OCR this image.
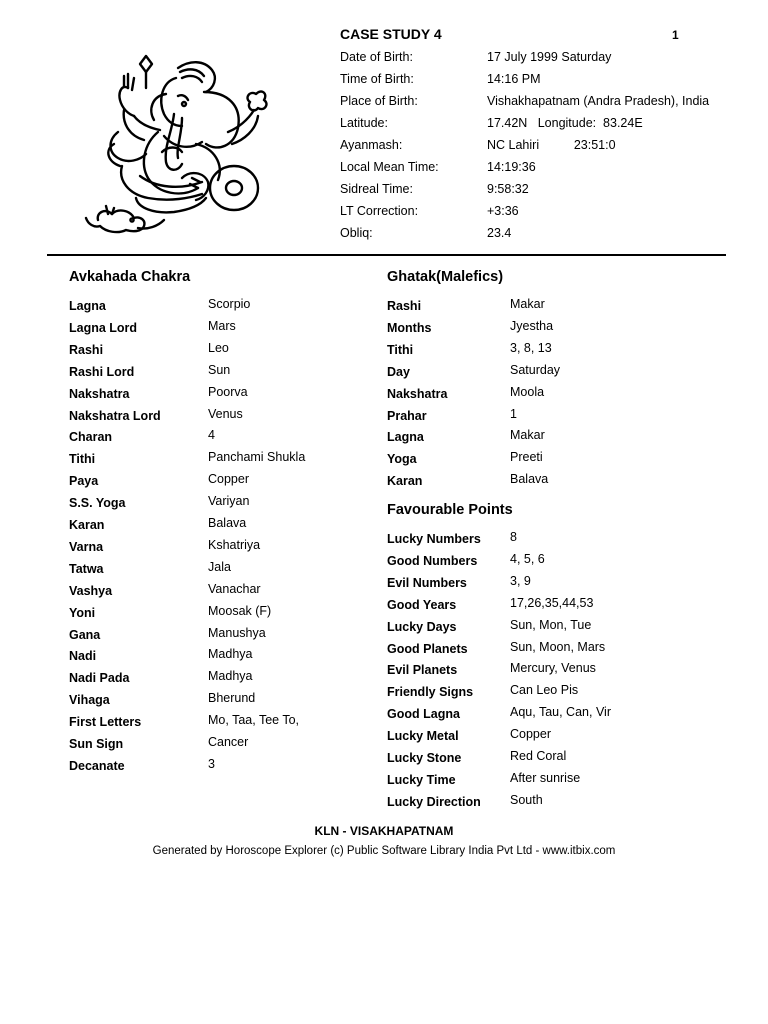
CASE STUDY 4	1
Date of Birth:	17 July 1999 Saturday
Time of Birth:	14:16 PM
Place of Birth:	Vishakhapatnam (Andra Pradesh), India
Latitude:	17.42N   Longitude:  83.24E
Ayanmash:	NC Lahiri          23:51:0
Local Mean Time:	14:19:36
Sidreal Time:	9:58:32
LT Correction:	+3:36
Obliq:	23.4
Avkahada Chakra
Lagna	Scorpio
Lagna Lord	Mars
Rashi	Leo
Rashi Lord	Sun
Nakshatra	Poorva
Nakshatra Lord	Venus
Charan	4
Tithi	Panchami Shukla
Paya	Copper
S.S. Yoga	Variyan
Karan	Balava
Varna	Kshatriya
Tatwa	Jala
Vashya	Vanachar
Yoni	Moosak (F)
Gana	Manushya
Nadi	Madhya
Nadi Pada	Madhya
Vihaga	Bherund
First Letters	Mo, Taa, Tee To,
Sun Sign	Cancer
Decanate	3
Ghatak(Malefics)
Rashi	Makar
Months	Jyestha
Tithi	3, 8, 13
Day	Saturday
Nakshatra	Moola
Prahar	1
Lagna	Makar
Yoga	Preeti
Karan	Balava
Favourable Points
Lucky Numbers 8
Good Numbers	4, 5, 6
Evil Numbers	3, 9
Good Years	17,26,35,44,53
Lucky Days	Sun, Mon, Tue
Good Planets	Sun, Moon, Mars
Evil Planets	Mercury, Venus
Friendly Signs	Can Leo Pis
Good Lagna	Aqu, Tau, Can, Vir
Lucky Metal	Copper
Lucky Stone	Red Coral
Lucky Time	After sunrise
Lucky Direction South
KLN - VISAKHAPATNAM
Generated by Horoscope Explorer (c) Public Software Library India Pvt Ltd - www.itbix.com
